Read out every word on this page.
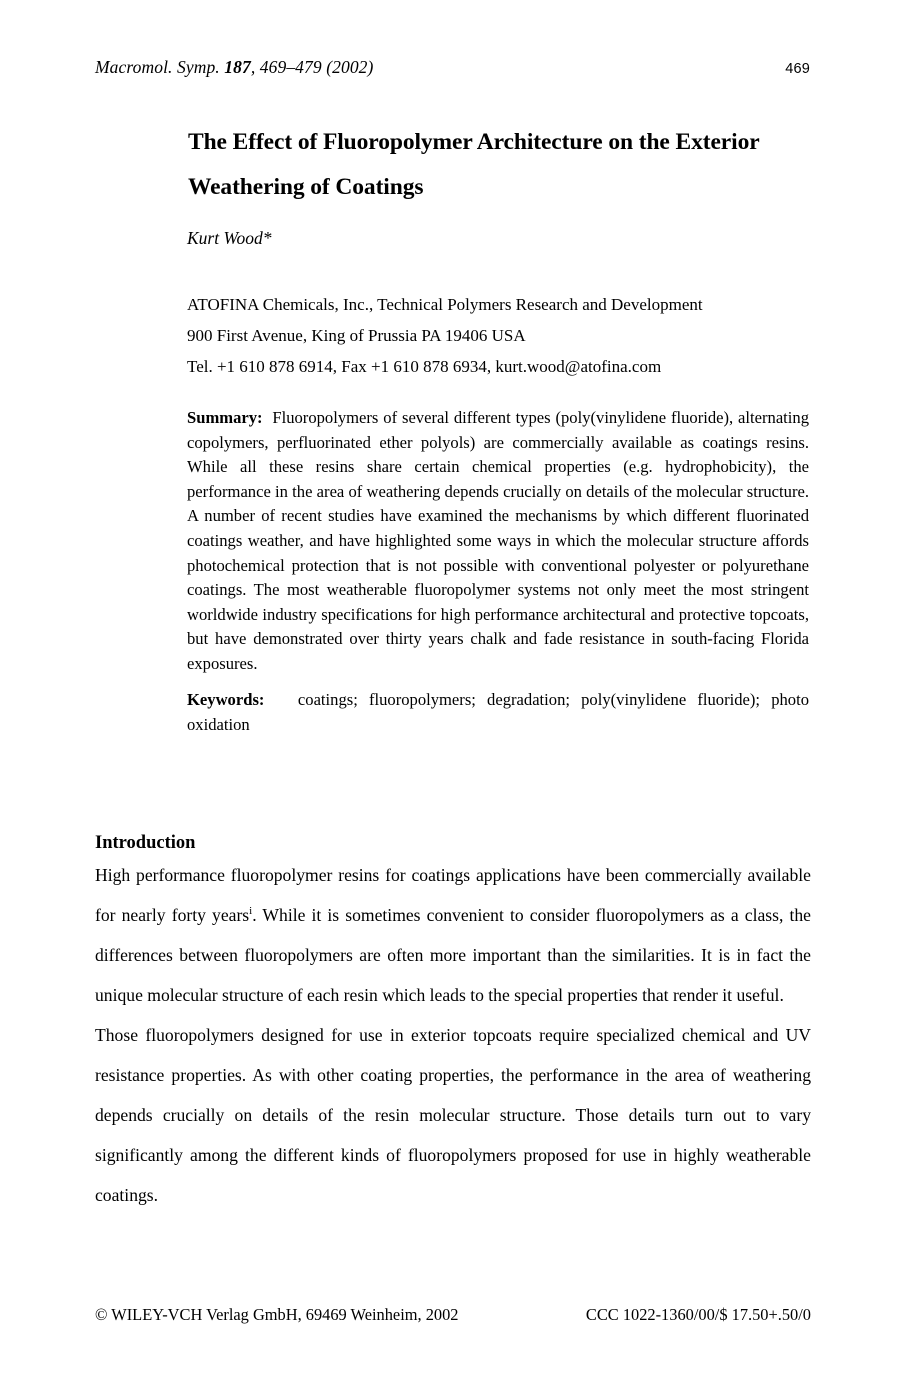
Macromol. Symp. 187, 469–479 (2002)	469
The Effect of Fluoropolymer Architecture on the Exterior Weathering of Coatings
Kurt Wood*
ATOFINA Chemicals, Inc., Technical Polymers Research and Development
900 First Avenue, King of Prussia PA 19406 USA
Tel. +1 610 878 6914, Fax +1 610 878 6934, kurt.wood@atofina.com
Summary: Fluoropolymers of several different types (poly(vinylidene fluoride), alternating copolymers, perfluorinated ether polyols) are commercially available as coatings resins. While all these resins share certain chemical properties (e.g. hydrophobicity), the performance in the area of weathering depends crucially on details of the molecular structure. A number of recent studies have examined the mechanisms by which different fluorinated coatings weather, and have highlighted some ways in which the molecular structure affords photochemical protection that is not possible with conventional polyester or polyurethane coatings. The most weatherable fluoropolymer systems not only meet the most stringent worldwide industry specifications for high performance architectural and protective topcoats, but have demonstrated over thirty years chalk and fade resistance in south-facing Florida exposures.
Keywords: coatings; fluoropolymers; degradation; poly(vinylidene fluoride); photo oxidation
Introduction

High performance fluoropolymer resins for coatings applications have been commercially available for nearly forty years$^i$. While it is sometimes convenient to consider fluoropolymers as a class, the differences between fluoropolymers are often more important than the similarities. It is in fact the unique molecular structure of each resin which leads to the special properties that render it useful.

Those fluoropolymers designed for use in exterior topcoats require specialized chemical and UV resistance properties. As with other coating properties, the performance in the area of weathering depends crucially on details of the resin molecular structure. Those details turn out to vary significantly among the different kinds of fluoropolymers proposed for use in highly weatherable coatings.

© WILEY-VCH Verlag GmbH, 69469 Weinheim, 2002	CCC 1022-1360/00/$ 17.50+.50/0
